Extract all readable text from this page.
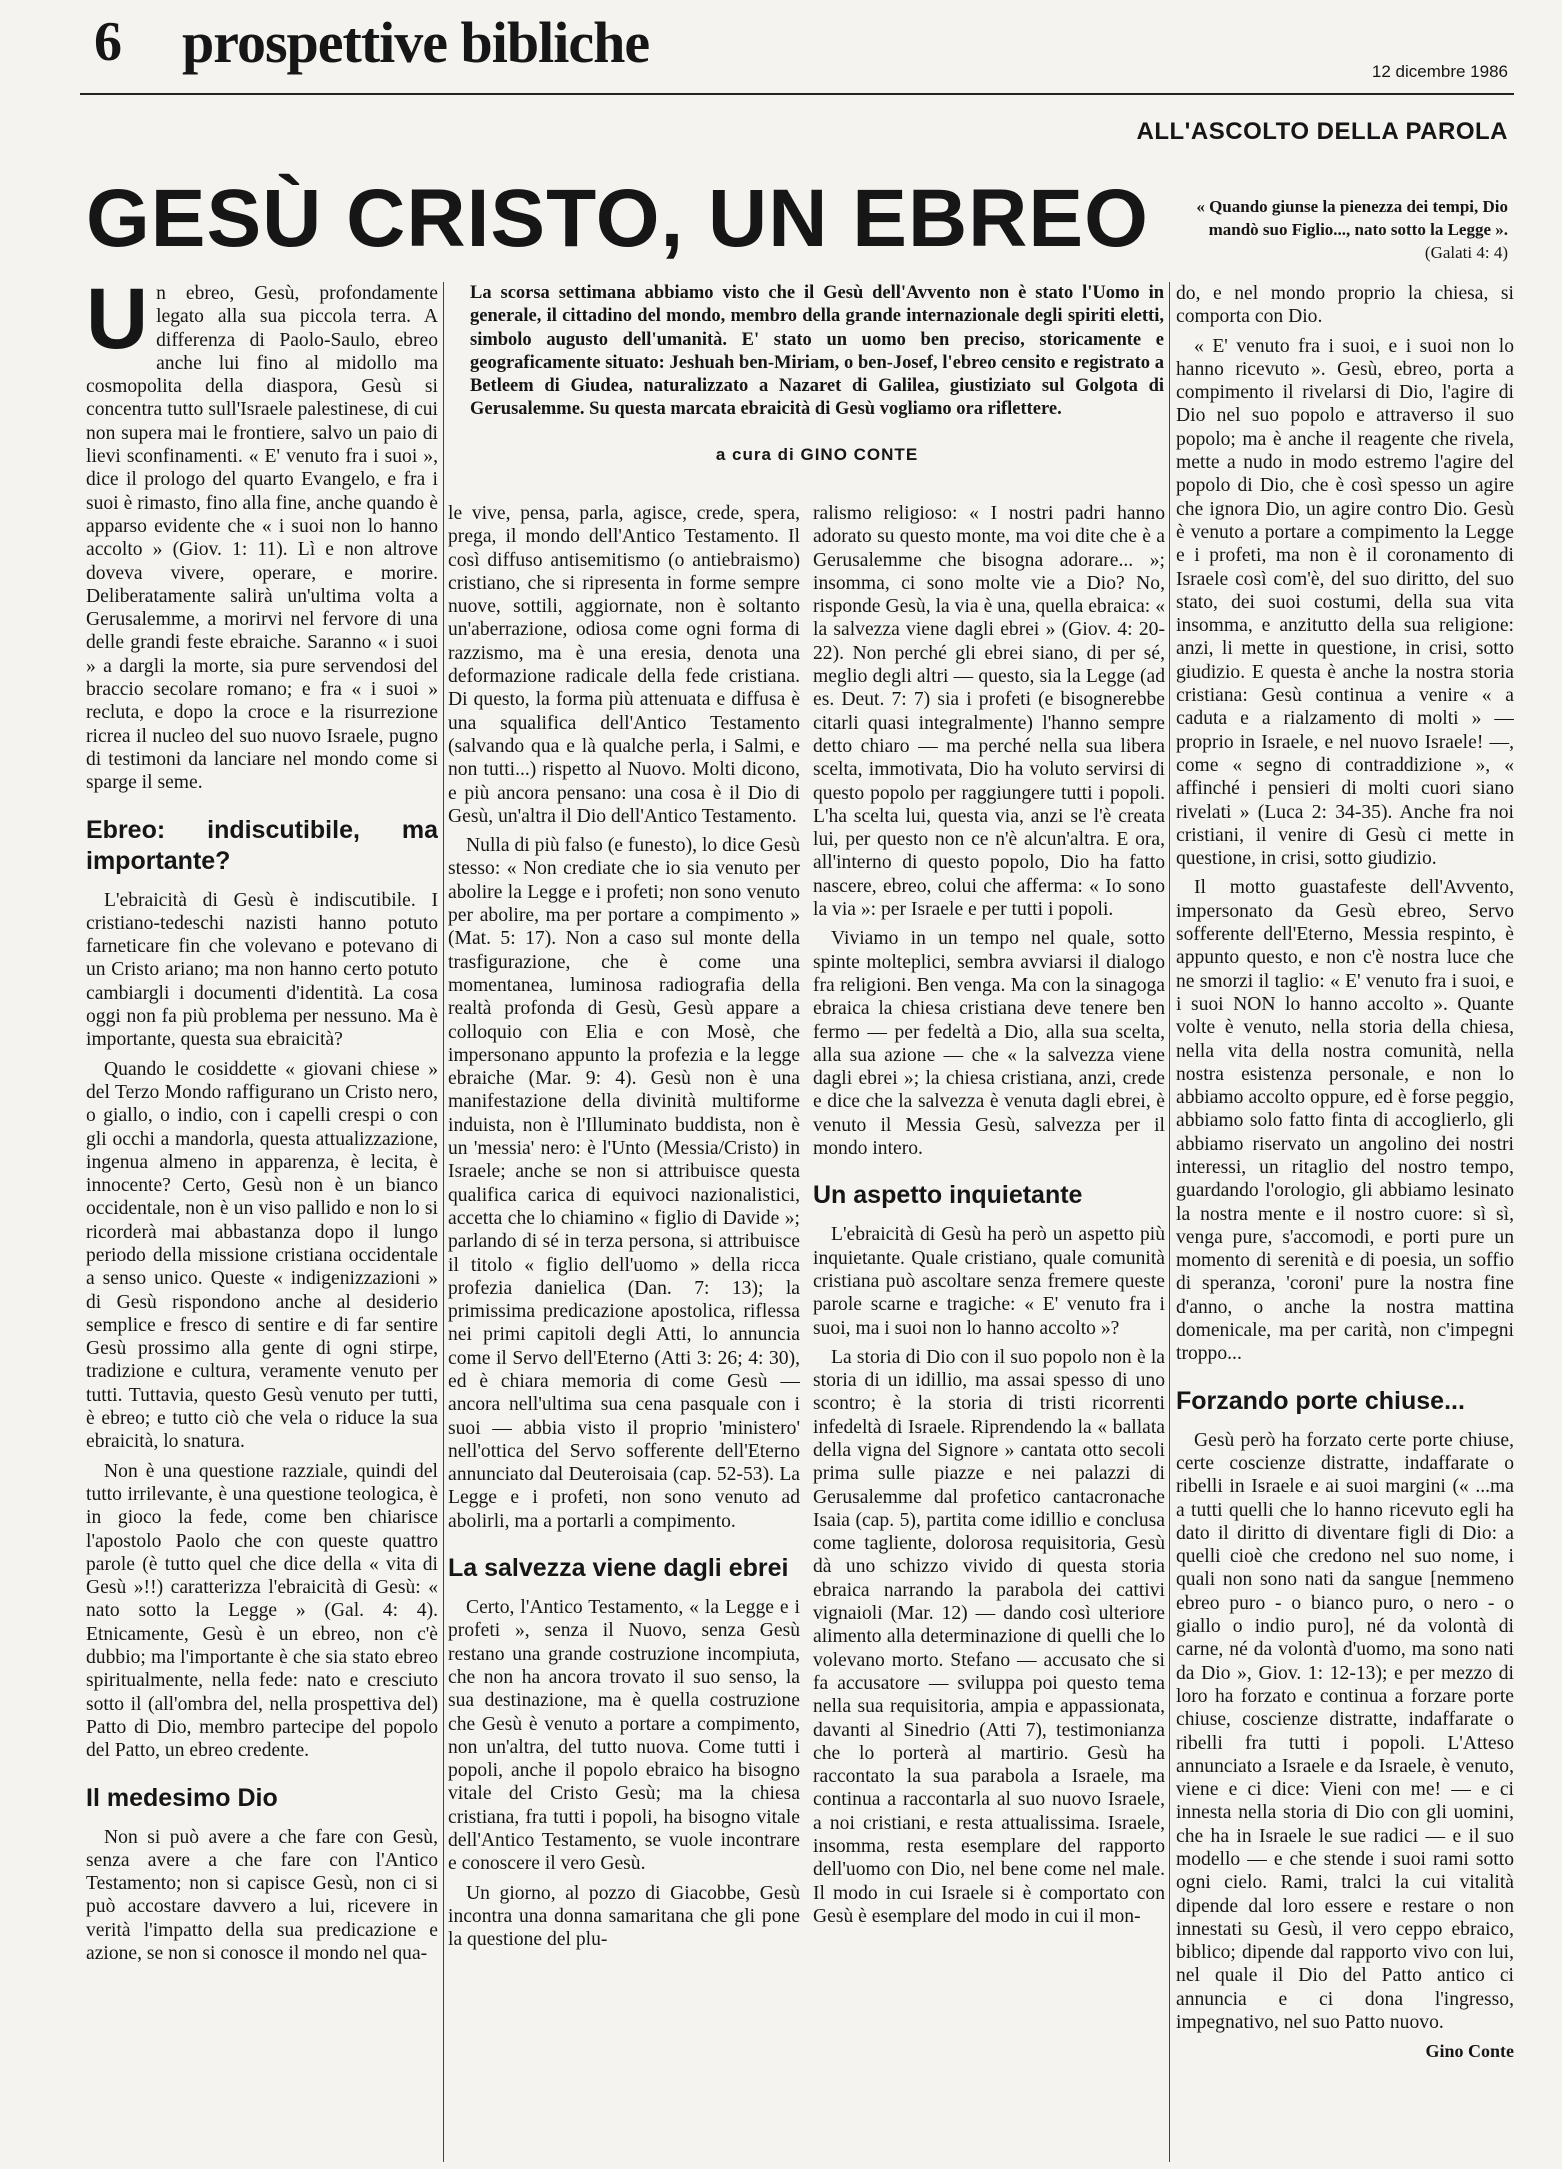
6 prospettive bibliche	12 dicembre 1986
ALL'ASCOLTO DELLA PAROLA
GESÙ CRISTO, UN EBREO	« Quando giunse la pienezza dei tempi, Dio mandò suo Figlio..., nato sotto la Legge ».
(Galati 4: 4)
La scorsa settimana abbiamo visto che il Gesù dell'Avvento non è stato l'Uomo in generale, il cittadino del mondo, membro della grande internazionale degli spiriti eletti, simbolo augusto dell'umanità. E' stato un uomo ben preciso, storicamente e geograficamente situato: Jeshuah ben-Miriam, o ben-Josef, l'ebreo censito e registrato a Betleem di Giudea, naturalizzato a Nazaret di Galilea, giustiziato sul Golgota di Gerusalemme. Su questa marcata ebraicità di Gesù vogliamo ora riflettere.
a cura di GINO CONTE

Un ebreo, Gesù, profondamente legato alla sua piccola terra. A differenza di Paolo-Saulo, ebreo anche lui fino al midollo ma cosmopolita della diaspora, Gesù si concentra tutto sull'Israele palestinese, di cui non supera mai le frontiere, salvo un paio di lievi sconfinamenti. « E' venuto fra i suoi », dice il prologo del quarto Evangelo, e fra i suoi è rimasto, fino alla fine, anche quando è apparso evidente che « i suoi non lo hanno accolto » (Giov. 1: 11). Lì e non altrove doveva vivere, operare, e morire. Deliberatamente salirà un'ultima volta a Gerusalemme, a morirvi nel fervore di una delle grandi feste ebraiche. Saranno « i suoi » a dargli la morte, sia pure servendosi del braccio secolare romano; e fra « i suoi » recluta, e dopo la croce e la risurrezione ricrea il nucleo del suo nuovo Israele, pugno di testimoni da lanciare nel mondo come si sparge il seme.

Ebreo: indiscutibile, ma importante?

L'ebraicità di Gesù è indiscutibile. I cristiano-tedeschi nazisti hanno potuto farneticare fin che volevano e potevano di un Cristo ariano; ma non hanno certo potuto cambiargli i documenti d'identità. La cosa oggi non fa più problema per nessuno. Ma è importante, questa sua ebraicità?

Quando le cosiddette « giovani chiese » del Terzo Mondo raffigurano un Cristo nero, o giallo, o indio, con i capelli crespi o con gli occhi a mandorla, questa attualizzazione, ingenua almeno in apparenza, è lecita, è innocente? Certo, Gesù non è un bianco occidentale, non è un viso pallido e non lo si ricorderà mai abbastanza dopo il lungo periodo della missione cristiana occidentale a senso unico. Queste « indigenizzazioni » di Gesù rispondono anche al desiderio semplice e fresco di sentire e di far sentire Gesù prossimo alla gente di ogni stirpe, tradizione e cultura, veramente venuto per tutti. Tuttavia, questo Gesù venuto per tutti, è ebreo; e tutto ciò che vela o riduce la sua ebraicità, lo snatura.

Non è una questione razziale, quindi del tutto irrilevante, è una questione teologica, è in gioco la fede, come ben chiarisce l'apostolo Paolo che con queste quattro parole (è tutto quel che dice della « vita di Gesù »!!) caratterizza l'ebraicità di Gesù: « nato sotto la Legge » (Gal. 4: 4). Etnicamente, Gesù è un ebreo, non c'è dubbio; ma l'importante è che sia stato ebreo spiritualmente, nella fede: nato e cresciuto sotto il (all'ombra del, nella prospettiva del) Patto di Dio, membro partecipe del popolo del Patto, un ebreo credente.

Il medesimo Dio

Non si può avere a che fare con Gesù, senza avere a che fare con l'Antico Testamento; non si capisce Gesù, non ci si può accostare davvero a lui, ricevere in verità l'impatto della sua predicazione e azione, se non si conosce il mondo nel qua-

le vive, pensa, parla, agisce, crede, spera, prega, il mondo dell'Antico Testamento. Il così diffuso antisemitismo (o antiebraismo) cristiano, che si ripresenta in forme sempre nuove, sottili, aggiornate, non è soltanto un'aberrazione, odiosa come ogni forma di razzismo, ma è una eresia, denota una deformazione radicale della fede cristiana. Di questo, la forma più attenuata e diffusa è una squalifica dell'Antico Testamento (salvando qua e là qualche perla, i Salmi, e non tutti...) rispetto al Nuovo. Molti dicono, e più ancora pensano: una cosa è il Dio di Gesù, un'altra il Dio dell'Antico Testamento.

Nulla di più falso (e funesto), lo dice Gesù stesso: « Non crediate che io sia venuto per abolire la Legge e i profeti; non sono venuto per abolire, ma per portare a compimento » (Mat. 5: 17). Non a caso sul monte della trasfigurazione, che è come una momentanea, luminosa radiografia della realtà profonda di Gesù, Gesù appare a colloquio con Elia e con Mosè, che impersonano appunto la profezia e la legge ebraiche (Mar. 9: 4). Gesù non è una manifestazione della divinità multiforme induista, non è l'Illuminato buddista, non è un 'messia' nero: è l'Unto (Messia/Cristo) in Israele; anche se non si attribuisce questa qualifica carica di equivoci nazionalistici, accetta che lo chiamino « figlio di Davide »; parlando di sé in terza persona, si attribuisce il titolo « figlio dell'uomo » della ricca profezia danielica (Dan. 7: 13); la primissima predicazione apostolica, riflessa nei primi capitoli degli Atti, lo annuncia come il Servo dell'Eterno (Atti 3: 26; 4: 30), ed è chiara memoria di come Gesù — ancora nell'ultima sua cena pasquale con i suoi — abbia visto il proprio 'ministero' nell'ottica del Servo sofferente dell'Eterno annunciato dal Deuteroisaia (cap. 52-53). La Legge e i profeti, non sono venuto ad abolirli, ma a portarli a compimento.

La salvezza viene dagli ebrei

Certo, l'Antico Testamento, « la Legge e i profeti », senza il Nuovo, senza Gesù restano una grande costruzione incompiuta, che non ha ancora trovato il suo senso, la sua destinazione, ma è quella costruzione che Gesù è venuto a portare a compimento, non un'altra, del tutto nuova. Come tutti i popoli, anche il popolo ebraico ha bisogno vitale del Cristo Gesù; ma la chiesa cristiana, fra tutti i popoli, ha bisogno vitale dell'Antico Testamento, se vuole incontrare e conoscere il vero Gesù.

Un giorno, al pozzo di Giacobbe, Gesù incontra una donna samaritana che gli pone la questione del plu-

ralismo religioso: « I nostri padri hanno adorato su questo monte, ma voi dite che è a Gerusalemme che bisogna adorare... »; insomma, ci sono molte vie a Dio? No, risponde Gesù, la via è una, quella ebraica: « la salvezza viene dagli ebrei » (Giov. 4: 20-22). Non perché gli ebrei siano, di per sé, meglio degli altri — questo, sia la Legge (ad es. Deut. 7: 7) sia i profeti (e bisognerebbe citarli quasi integralmente) l'hanno sempre detto chiaro — ma perché nella sua libera scelta, immotivata, Dio ha voluto servirsi di questo popolo per raggiungere tutti i popoli. L'ha scelta lui, questa via, anzi se l'è creata lui, per questo non ce n'è alcun'altra. E ora, all'interno di questo popolo, Dio ha fatto nascere, ebreo, colui che afferma: « Io sono la via »: per Israele e per tutti i popoli.

Viviamo in un tempo nel quale, sotto spinte molteplici, sembra avviarsi il dialogo fra religioni. Ben venga. Ma con la sinagoga ebraica la chiesa cristiana deve tenere ben fermo — per fedeltà a Dio, alla sua scelta, alla sua azione — che « la salvezza viene dagli ebrei »; la chiesa cristiana, anzi, crede e dice che la salvezza è venuta dagli ebrei, è venuto il Messia Gesù, salvezza per il mondo intero.

Un aspetto inquietante

L'ebraicità di Gesù ha però un aspetto più inquietante. Quale cristiano, quale comunità cristiana può ascoltare senza fremere queste parole scarne e tragiche: « E' venuto fra i suoi, ma i suoi non lo hanno accolto »?

La storia di Dio con il suo popolo non è la storia di un idillio, ma assai spesso di uno scontro; è la storia di tristi ricorrenti infedeltà di Israele. Riprendendo la « ballata della vigna del Signore » cantata otto secoli prima sulle piazze e nei palazzi di Gerusalemme dal profetico cantacronache Isaia (cap. 5), partita come idillio e conclusa come tagliente, dolorosa requisitoria, Gesù dà uno schizzo vivido di questa storia ebraica narrando la parabola dei cattivi vignaioli (Mar. 12) — dando così ulteriore alimento alla determinazione di quelli che lo volevano morto. Stefano — accusato che si fa accusatore — sviluppa poi questo tema nella sua requisitoria, ampia e appassionata, davanti al Sinedrio (Atti 7), testimonianza che lo porterà al martirio. Gesù ha raccontato la sua parabola a Israele, ma continua a raccontarla al suo nuovo Israele, a noi cristiani, e resta attualissima. Israele, insomma, resta esemplare del rapporto dell'uomo con Dio, nel bene come nel male. Il modo in cui Israele si è comportato con Gesù è esemplare del modo in cui il mon-

do, e nel mondo proprio la chiesa, si comporta con Dio.

« E' venuto fra i suoi, e i suoi non lo hanno ricevuto ». Gesù, ebreo, porta a compimento il rivelarsi di Dio, l'agire di Dio nel suo popolo e attraverso il suo popolo; ma è anche il reagente che rivela, mette a nudo in modo estremo l'agire del popolo di Dio, che è così spesso un agire che ignora Dio, un agire contro Dio. Gesù è venuto a portare a compimento la Legge e i profeti, ma non è il coronamento di Israele così com'è, del suo diritto, del suo stato, dei suoi costumi, della sua vita insomma, e anzitutto della sua religione: anzi, li mette in questione, in crisi, sotto giudizio. E questa è anche la nostra storia cristiana: Gesù continua a venire « a caduta e a rialzamento di molti » — proprio in Israele, e nel nuovo Israele! —, come « segno di contraddizione », « affinché i pensieri di molti cuori siano rivelati » (Luca 2: 34-35). Anche fra noi cristiani, il venire di Gesù ci mette in questione, in crisi, sotto giudizio.

Il motto guastafeste dell'Avvento, impersonato da Gesù ebreo, Servo sofferente dell'Eterno, Messia respinto, è appunto questo, e non c'è nostra luce che ne smorzi il taglio: « E' venuto fra i suoi, e i suoi NON lo hanno accolto ». Quante volte è venuto, nella storia della chiesa, nella vita della nostra comunità, nella nostra esistenza personale, e non lo abbiamo accolto oppure, ed è forse peggio, abbiamo solo fatto finta di accoglierlo, gli abbiamo riservato un angolino dei nostri interessi, un ritaglio del nostro tempo, guardando l'orologio, gli abbiamo lesinato la nostra mente e il nostro cuore: sì sì, venga pure, s'accomodi, e porti pure un momento di serenità e di poesia, un soffio di speranza, 'coroni' pure la nostra fine d'anno, o anche la nostra mattina domenicale, ma per carità, non c'impegni troppo...

Forzando porte chiuse...

Gesù però ha forzato certe porte chiuse, certe coscienze distratte, indaffarate o ribelli in Israele e ai suoi margini (« ...ma a tutti quelli che lo hanno ricevuto egli ha dato il diritto di diventare figli di Dio: a quelli cioè che credono nel suo nome, i quali non sono nati da sangue [nemmeno ebreo puro - o bianco puro, o nero - o giallo o indio puro], né da volontà di carne, né da volontà d'uomo, ma sono nati da Dio », Giov. 1: 12-13); e per mezzo di loro ha forzato e continua a forzare porte chiuse, coscienze distratte, indaffarate o ribelli fra tutti i popoli. L'Atteso annunciato a Israele e da Israele, è venuto, viene e ci dice: Vieni con me! — e ci innesta nella storia di Dio con gli uomini, che ha in Israele le sue radici — e il suo modello — e che stende i suoi rami sotto ogni cielo. Rami, tralci la cui vitalità dipende dal loro essere e restare o non innestati su Gesù, il vero ceppo ebraico, biblico; dipende dal rapporto vivo con lui, nel quale il Dio del Patto antico ci annuncia e ci dona l'ingresso, impegnativo, nel suo Patto nuovo.

Gino Conte
